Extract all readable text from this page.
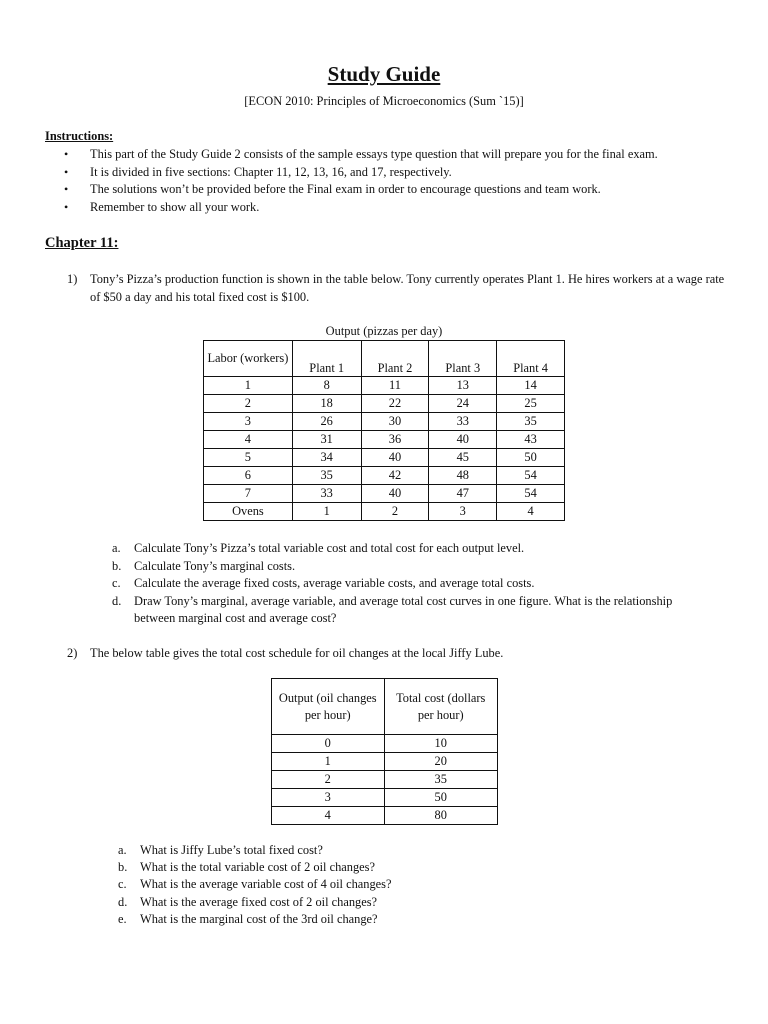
Study Guide

[ECON 2010: Principles of Microeconomics (Sum `15)]

Instructions:

• This part of the Study Guide 2 consists of the sample essays type question that will prepare you for the final exam.
• It is divided in five sections: Chapter 11, 12, 13, 16, and 17, respectively.
• The solutions won’t be provided before the Final exam in order to encourage questions and team work.
• Remember to show all your work.
Chapter 11:
1) Tony’s Pizza’s production function is shown in the table below. Tony currently operates Plant 1. He hires workers at a wage rate of $50 a day and his total fixed cost is $100.
Output (pizzas per day)
Labor (workers)	Plant 1	Plant 2	Plant 3	Plant 4
1	8	11	13	14
2	18	22	24	25
3	26	30	33	35
4	31	36	40	43
5	34	40	45	50
6	35	42	48	54
7	33	40	47	54
Ovens	1	2	3	4
a. Calculate Tony’s Pizza’s total variable cost and total cost for each output level.
b. Calculate Tony’s marginal costs.
c. Calculate the average fixed costs, average variable costs, and average total costs.
d. Draw Tony’s marginal, average variable, and average total cost curves in one figure. What is the relationship between marginal cost and average cost?
2) The below table gives the total cost schedule for oil changes at the local Jiffy Lube.
Output (oil changes per hour)	Total cost (dollars per hour)
0	10
1	20
2	35
3	50
4	80
a. What is Jiffy Lube’s total fixed cost?
b. What is the total variable cost of 2 oil changes?
c. What is the average variable cost of 4 oil changes?
d. What is the average fixed cost of 2 oil changes?
e. What is the marginal cost of the 3rd oil change?
